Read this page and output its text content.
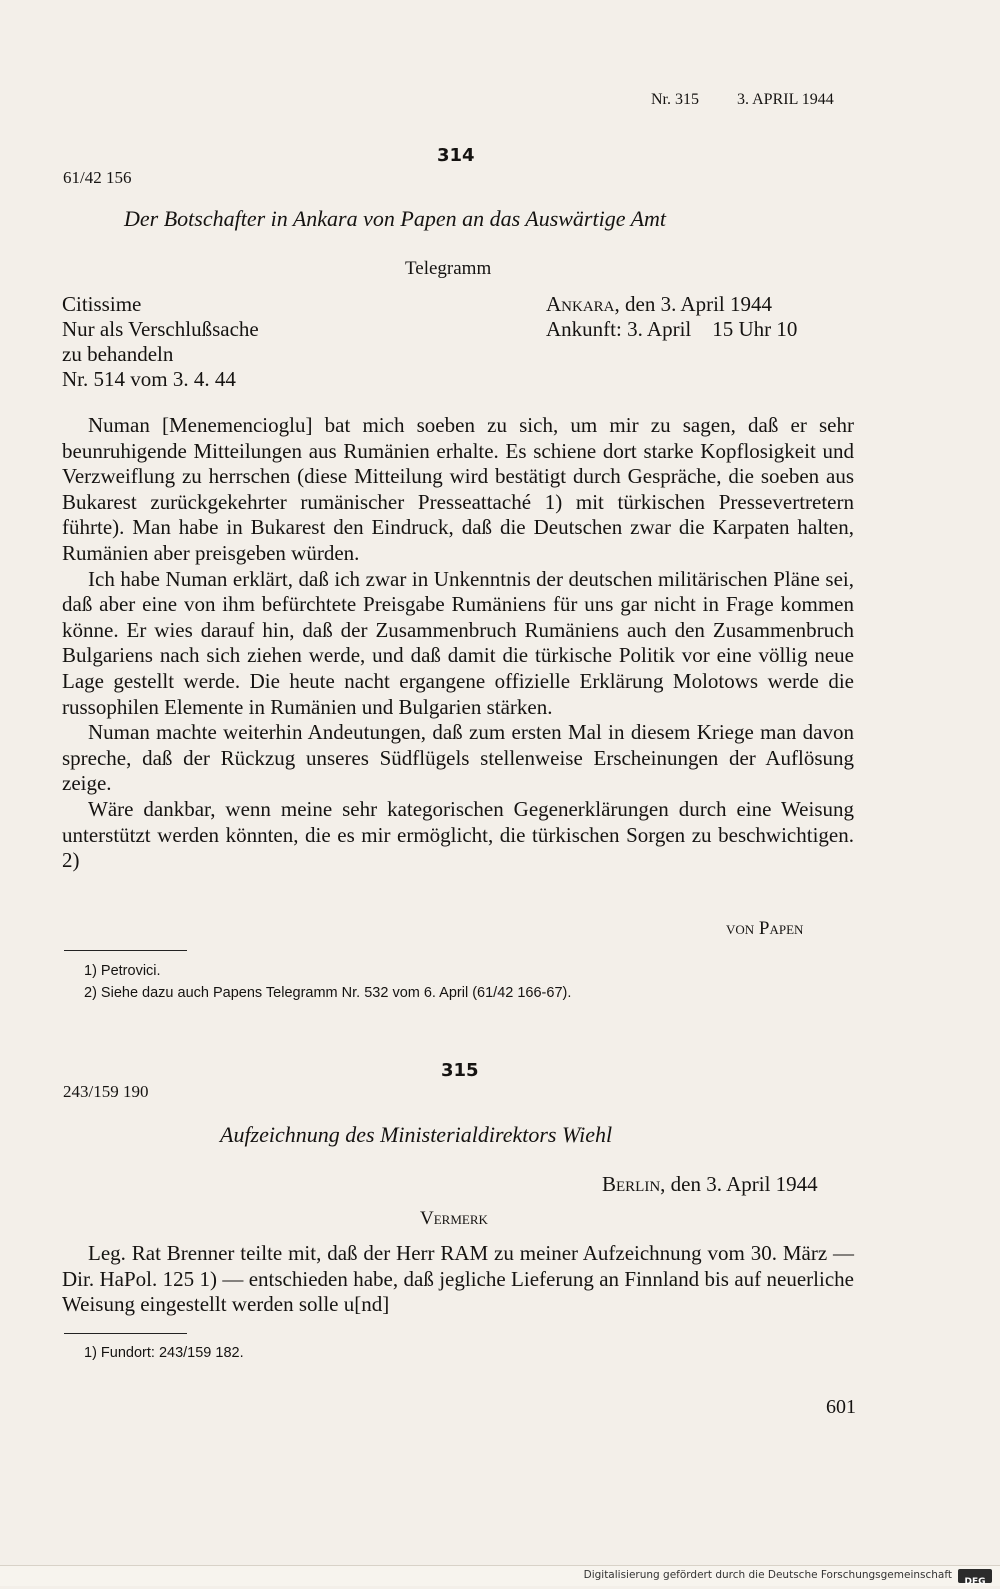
Nr. 315 3. APRIL 1944
314
61/42 156
Der Botschafter in Ankara von Papen an das Auswärtige Amt
Telegramm
Citissime
Nur als Verschlußsache
zu behandeln
Nr. 514 vom 3. 4. 44
Ankara, den 3. April 1944
Ankunft: 3. April    15 Uhr 10

Numan [Menemencioglu] bat mich soeben zu sich, um mir zu sagen, daß er sehr beunruhigende Mitteilungen aus Rumänien erhalte. Es schiene dort starke Kopflosigkeit und Verzweiflung zu herrschen (diese Mitteilung wird bestätigt durch Gespräche, die soeben aus Bukarest zurückgekehrter rumänischer Presseattaché 1) mit türkischen Pressevertretern führte). Man habe in Bukarest den Eindruck, daß die Deutschen zwar die Karpaten halten, Rumänien aber preisgeben würden.

Ich habe Numan erklärt, daß ich zwar in Unkenntnis der deutschen militärischen Pläne sei, daß aber eine von ihm befürchtete Preisgabe Rumäniens für uns gar nicht in Frage kommen könne. Er wies darauf hin, daß der Zusammenbruch Rumäniens auch den Zusammenbruch Bulgariens nach sich ziehen werde, und daß damit die türkische Politik vor eine völlig neue Lage gestellt werde. Die heute nacht ergangene offizielle Erklärung Molotows werde die russophilen Elemente in Rumänien und Bulgarien stärken.

Numan machte weiterhin Andeutungen, daß zum ersten Mal in diesem Kriege man davon spreche, daß der Rückzug unseres Südflügels stellenweise Erscheinungen der Auflösung zeige.

Wäre dankbar, wenn meine sehr kategorischen Gegenerklärungen durch eine Weisung unterstützt werden könnten, die es mir ermöglicht, die türkischen Sorgen zu beschwichtigen. 2)

von Papen
1) Petrovici.
2) Siehe dazu auch Papens Telegramm Nr. 532 vom 6. April (61/42 166-67).
315
243/159 190
Aufzeichnung des Ministerialdirektors Wiehl
Berlin, den 3. April 1944
Vermerk

Leg. Rat Brenner teilte mit, daß der Herr RAM zu meiner Aufzeichnung vom 30. März — Dir. HaPol. 125 1) — entschieden habe, daß jegliche Lieferung an Finnland bis auf neuerliche Weisung eingestellt werden solle u[nd]

1) Fundort: 243/159 182.
601
Digitalisierung gefördert durch die Deutsche Forschungsgemeinschaft
DFG
